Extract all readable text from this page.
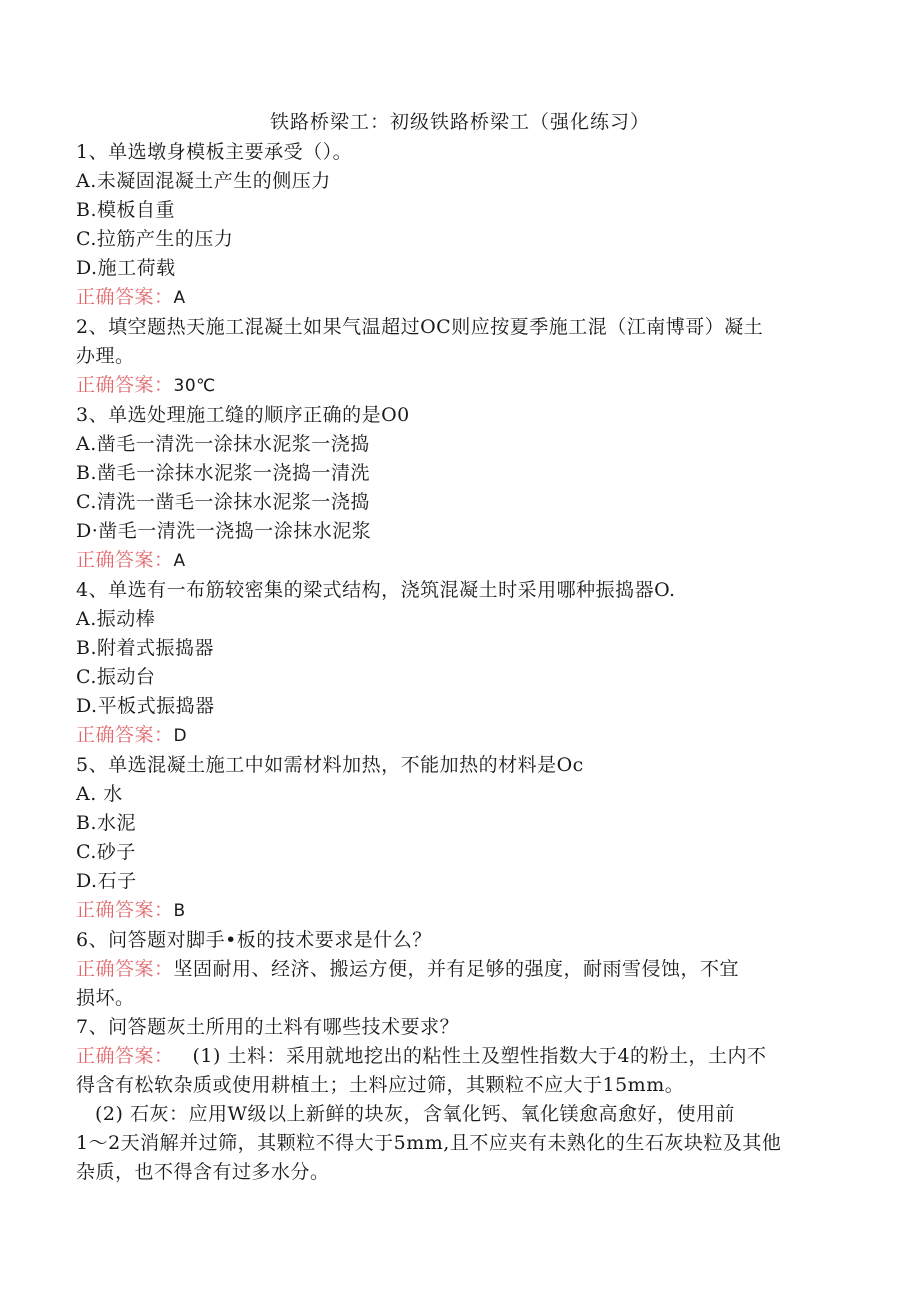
铁路桥梁工：初级铁路桥梁工（强化练习）
1、单选墩身模板主要承受（）。
A.未凝固混凝土产生的侧压力
B.模板自重
C.拉筋产生的压力
D.施工荷载
正确答案：A
2、填空题热天施工混凝土如果气温超过OC则应按夏季施工混（江南博哥）凝土
办理。
正确答案：30℃
3、单选处理施工缝的顺序正确的是O0
A.凿毛一清洗一涂抹水泥浆一浇捣
B.凿毛一涂抹水泥浆一浇捣一清洗
C.清洗一凿毛一涂抹水泥浆一浇捣
D·凿毛一清洗一浇捣一涂抹水泥浆
正确答案：A
4、单选有一布筋较密集的梁式结构，浇筑混凝土时采用哪种振捣器O.
A.振动棒
B.附着式振捣器
C.振动台
D.平板式振捣器
正确答案：D
5、单选混凝土施工中如需材料加热，不能加热的材料是Oc
A. 水
B.水泥
C.砂子
D.石子
正确答案：B
6、问答题对脚手•板的技术要求是什么？
正确答案：坚固耐用、经济、搬运方便，并有足够的强度，耐雨雪侵蚀，不宜
损坏。
7、问答题灰土所用的土料有哪些技术要求？
正确答案： (1) 土料：采用就地挖出的粘性土及塑性指数大于4的粉土，土内不
得含有松软杂质或使用耕植土；土料应过筛，其颗粒不应大于15mm。
(2) 石灰：应用W级以上新鲜的块灰，含氧化钙、氧化镁愈高愈好，使用前
1〜2天消解并过筛，其颗粒不得大于5mm,且不应夹有未熟化的生石灰块粒及其他
杂质，也不得含有过多水分。
